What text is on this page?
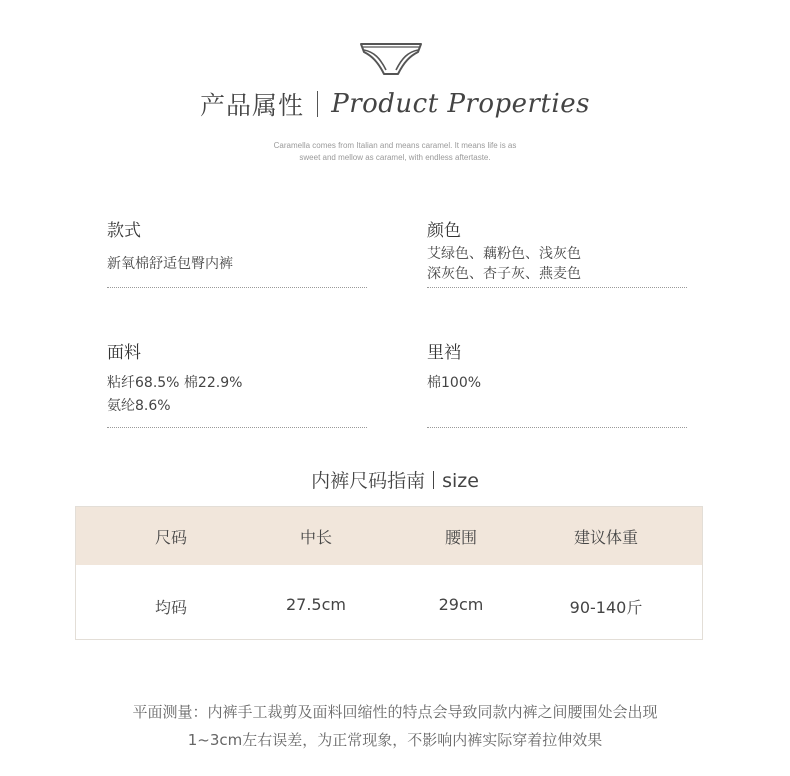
产品属性 Product Properties
Caramella comes from Italian and means caramel. It means life is as
sweet and mellow as caramel, with endless aftertaste.
款式
新氧棉舒适包臀内裤
颜色
艾绿色、藕粉色、浅灰色
深灰色、杏子灰、燕麦色
面料
粘纤68.5% 棉22.9%
氨纶8.6%
里裆
棉100%
内裤尺码指南 size
尺码	中长	腰围	建议体重
均码	27.5cm	29cm	90-140斤
平面测量：内裤手工裁剪及面料回缩性的特点会导致同款内裤之间腰围处会出现
1~3cm左右误差，为正常现象，不影响内裤实际穿着拉伸效果
